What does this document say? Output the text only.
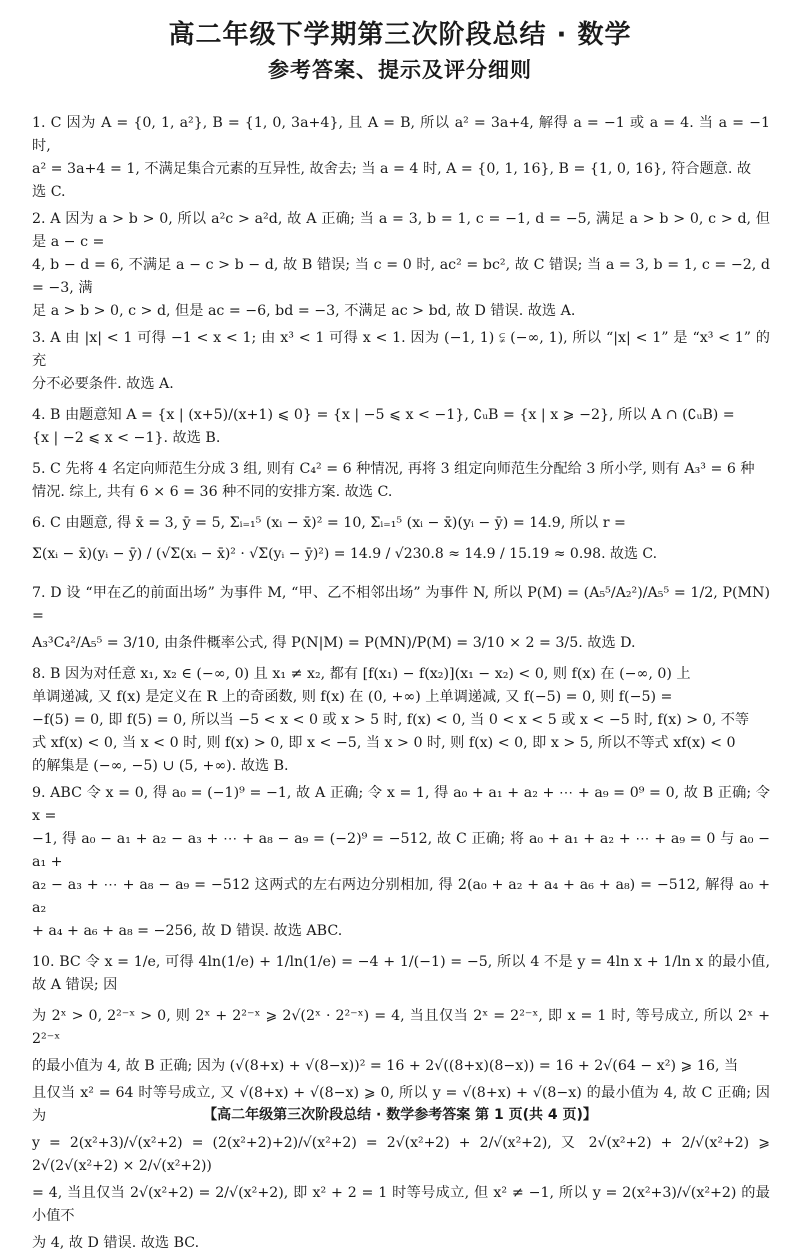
高二年级下学期第三次阶段总结 · 数学
参考答案、提示及评分细则

1. C 因为 A = {0, 1, a²}, B = {1, 0, 3a+4}, 且 A = B, 所以 a² = 3a+4, 解得 a = −1 或 a = 4. 当 a = −1 时,

a² = 3a+4 = 1, 不满足集合元素的互异性, 故舍去; 当 a = 4 时, A = {0, 1, 16}, B = {1, 0, 16}, 符合题意. 故

选 C.

2. A 因为 a > b > 0, 所以 a²c > a²d, 故 A 正确; 当 a = 3, b = 1, c = −1, d = −5, 满足 a > b > 0, c > d, 但是 a − c =

4, b − d = 6, 不满足 a − c > b − d, 故 B 错误; 当 c = 0 时, ac² = bc², 故 C 错误; 当 a = 3, b = 1, c = −2, d = −3, 满

足 a > b > 0, c > d, 但是 ac = −6, bd = −3, 不满足 ac > bd, 故 D 错误. 故选 A.

3. A 由 |x| < 1 可得 −1 < x < 1; 由 x³ < 1 可得 x < 1. 因为 (−1, 1) ⫋ (−∞, 1), 所以 “|x| < 1” 是 “x³ < 1” 的充

分不必要条件. 故选 A.

4. B 由题意知 A = {x | (x+5)/(x+1) ⩽ 0} = {x | −5 ⩽ x < −1}, ∁ᵤB = {x | x ⩾ −2}, 所以 A ∩ (∁ᵤB) =

{x | −2 ⩽ x < −1}. 故选 B.

5. C 先将 4 名定向师范生分成 3 组, 则有 C₄² = 6 种情况, 再将 3 组定向师范生分配给 3 所小学, 则有 A₃³ = 6 种

情况. 综上, 共有 6 × 6 = 36 种不同的安排方案. 故选 C.

6. C 由题意, 得 x̄ = 3, ȳ = 5, Σᵢ₌₁⁵ (xᵢ − x̄)² = 10, Σᵢ₌₁⁵ (xᵢ − x̄)(yᵢ − ȳ) = 14.9, 所以 r =

Σ(xᵢ − x̄)(yᵢ − ȳ) / (√Σ(xᵢ − x̄)² · √Σ(yᵢ − ȳ)²) = 14.9 / √230.8 ≈ 14.9 / 15.19 ≈ 0.98. 故选 C.

7. D 设 “甲在乙的前面出场” 为事件 M, “甲、乙不相邻出场” 为事件 N, 所以 P(M) = (A₅⁵/A₂²)/A₅⁵ = 1/2, P(MN) =

A₃³C₄²/A₅⁵ = 3/10, 由条件概率公式, 得 P(N|M) = P(MN)/P(M) = 3/10 × 2 = 3/5. 故选 D.

8. B 因为对任意 x₁, x₂ ∈ (−∞, 0) 且 x₁ ≠ x₂, 都有 [f(x₁) − f(x₂)](x₁ − x₂) < 0, 则 f(x) 在 (−∞, 0) 上

单调递减, 又 f(x) 是定义在 R 上的奇函数, 则 f(x) 在 (0, +∞) 上单调递减, 又 f(−5) = 0, 则 f(−5) =

−f(5) = 0, 即 f(5) = 0, 所以当 −5 < x < 0 或 x > 5 时, f(x) < 0, 当 0 < x < 5 或 x < −5 时, f(x) > 0, 不等

式 xf(x) < 0, 当 x < 0 时, 则 f(x) > 0, 即 x < −5, 当 x > 0 时, 则 f(x) < 0, 即 x > 5, 所以不等式 xf(x) < 0

的解集是 (−∞, −5) ∪ (5, +∞). 故选 B.

9. ABC 令 x = 0, 得 a₀ = (−1)⁹ = −1, 故 A 正确; 令 x = 1, 得 a₀ + a₁ + a₂ + ⋯ + a₉ = 0⁹ = 0, 故 B 正确; 令 x =

−1, 得 a₀ − a₁ + a₂ − a₃ + ⋯ + a₈ − a₉ = (−2)⁹ = −512, 故 C 正确; 将 a₀ + a₁ + a₂ + ⋯ + a₉ = 0 与 a₀ − a₁ +

a₂ − a₃ + ⋯ + a₈ − a₉ = −512 这两式的左右两边分别相加, 得 2(a₀ + a₂ + a₄ + a₆ + a₈) = −512, 解得 a₀ + a₂

+ a₄ + a₆ + a₈ = −256, 故 D 错误. 故选 ABC.

10. BC 令 x = 1/e, 可得 4ln(1/e) + 1/ln(1/e) = −4 + 1/(−1) = −5, 所以 4 不是 y = 4ln x + 1/ln x 的最小值, 故 A 错误; 因

为 2ˣ > 0, 2²⁻ˣ > 0, 则 2ˣ + 2²⁻ˣ ⩾ 2√(2ˣ · 2²⁻ˣ) = 4, 当且仅当 2ˣ = 2²⁻ˣ, 即 x = 1 时, 等号成立, 所以 2ˣ + 2²⁻ˣ

的最小值为 4, 故 B 正确; 因为 (√(8+x) + √(8−x))² = 16 + 2√((8+x)(8−x)) = 16 + 2√(64 − x²) ⩾ 16, 当

且仅当 x² = 64 时等号成立, 又 √(8+x) + √(8−x) ⩾ 0, 所以 y = √(8+x) + √(8−x) 的最小值为 4, 故 C 正确; 因为

y = 2(x²+3)/√(x²+2) = (2(x²+2)+2)/√(x²+2) = 2√(x²+2) + 2/√(x²+2), 又 2√(x²+2) + 2/√(x²+2) ⩾ 2√(2√(x²+2) × 2/√(x²+2))

= 4, 当且仅当 2√(x²+2) = 2/√(x²+2), 即 x² + 2 = 1 时等号成立, 但 x² ≠ −1, 所以 y = 2(x²+3)/√(x²+2) 的最小值不

为 4, 故 D 错误. 故选 BC.

【高二年级第三次阶段总结 · 数学参考答案 第 1 页(共 4 页)】
